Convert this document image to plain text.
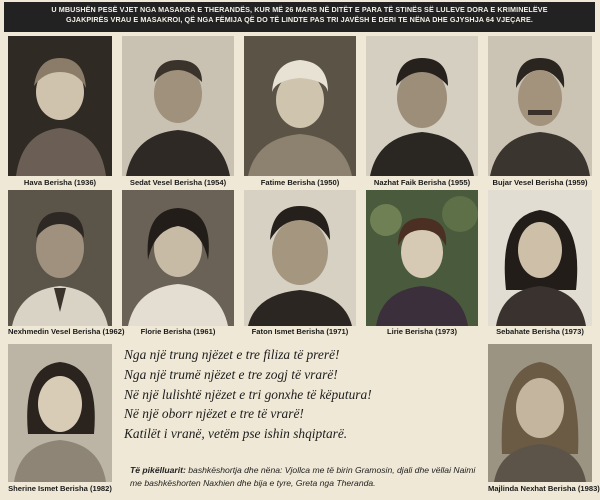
U MBUSHËN PESË VJET NGA MASAKRA E THERANDËS, KUR MË 26 MARS NË DITËT E PARA TË STINËS SË LULEVE DORA E KRIMINELËVE
GJAKPIRËS VRAU E MASAKROI, QË NGA FËMIJA QË DO TË LINDTE PAS TRI JAVËSH E DERI TE NËNA DHE GJYSHJA 64 VJEÇARE.
Hava Berisha (1936)	Sedat Vesel Berisha (1954)	Fatime Berisha (1950)	Nazhat Faik Berisha (1955)	Bujar Vesel Berisha (1959)
Nexhmedin Vesel Berisha (1962)	Florie Berisha (1961)	Faton Ismet Berisha (1971)	Lirie Berisha (1973)	Sebahate Berisha (1973)
Sherine Ismet Berisha (1982)	Majlinda Nexhat Berisha (1983)
Nga një trung njëzet e tre filiza të prerë!
Nga një trumë njëzet e tre zogj të vrarë!
Në një lulishtë njëzet e tri gonxhe të këputura!
Në një oborr njëzet e tre të vrarë!
Katilët i vranë, vetëm pse ishin shqiptarë.
Të pikëlluarit: bashkëshortja dhe nëna: Vjollca me të birin Gramosin, djali dhe vëllai Naimi me bashkëshorten Naxhien dhe bija e tyre, Greta nga Theranda.
